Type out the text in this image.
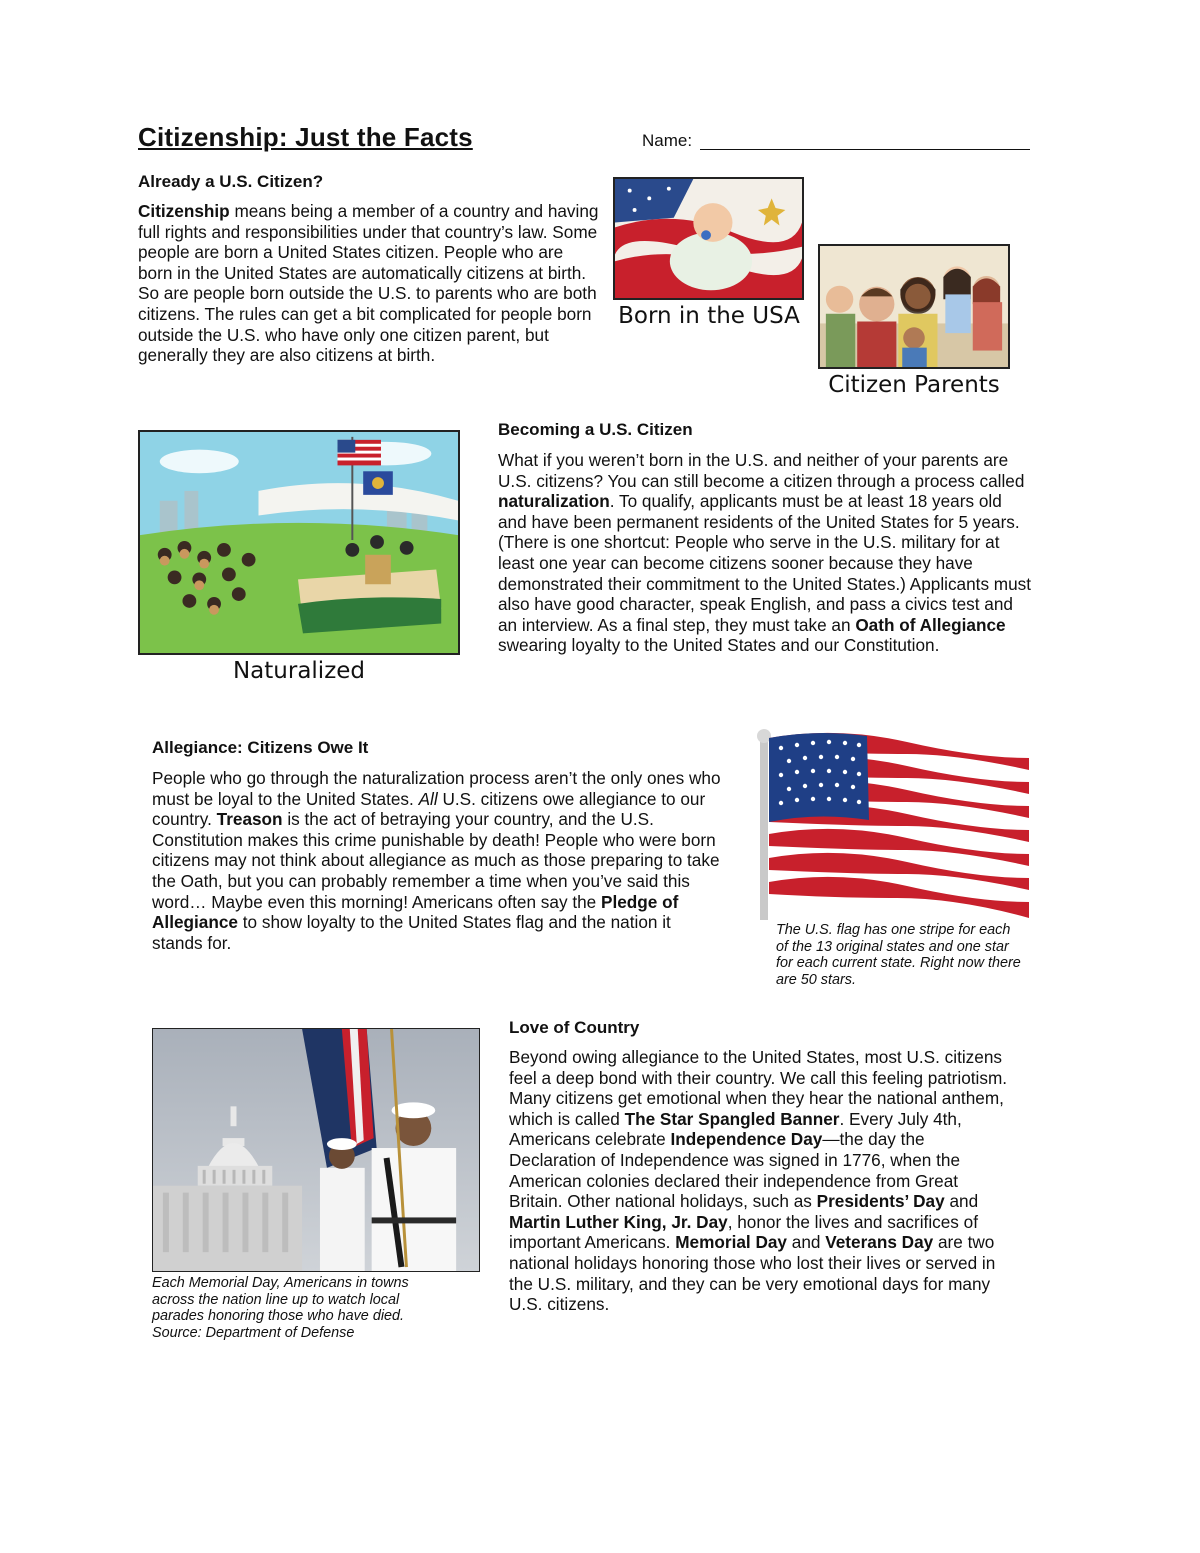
Citizenship: Just the Facts	Name:
Already a U.S. Citizen?

Citizenship means being a member of a country and having full rights and responsibilities under that country’s law. Some people are born a United States citizen. People who are born in the United States are automatically citizens at birth. So are people born outside the U.S. to parents who are both citizens. The rules can get a bit complicated for people born outside the U.S. who have only one citizen parent, but generally they are also citizens at birth.

Born in the USA
Citizen Parents
Naturalized
Becoming a U.S. Citizen

What if you weren’t born in the U.S. and neither of your parents are U.S. citizens? You can still become a citizen through a process called naturalization. To qualify, applicants must be at least 18 years old and have been permanent residents of the United States for 5 years. (There is one shortcut: People who serve in the U.S. military for at least one year can become citizens sooner because they have demonstrated their commitment to the United States.) Applicants must also have good character, speak English, and pass a civics test and an interview. As a final step, they must take an Oath of Allegiance swearing loyalty to the United States and our Constitution.

Allegiance: Citizens Owe It

People who go through the naturalization process aren’t the only ones who must be loyal to the United States. All U.S. citizens owe allegiance to our country. Treason is the act of betraying your country, and the U.S. Constitution makes this crime punishable by death! People who were born citizens may not think about allegiance as much as those preparing to take the Oath, but you can probably remember a time when you’ve said this word… Maybe even this morning! Americans often say the Pledge of Allegiance to show loyalty to the United States flag and the nation it stands for.

The U.S. flag has one stripe for each of the 13 original states and one star for each current state. Right now there are 50 stars.

Each Memorial Day, Americans in towns across the nation line up to watch local parades honoring those who have died. Source: Department of Defense

Love of Country

Beyond owing allegiance to the United States, most U.S. citizens feel a deep bond with their country. We call this feeling patriotism. Many citizens get emotional when they hear the national anthem, which is called The Star Spangled Banner. Every July 4th, Americans celebrate Independence Day—the day the Declaration of Independence was signed in 1776, when the American colonies declared their independence from Great Britain. Other national holidays, such as Presidents’ Day and Martin Luther King, Jr. Day, honor the lives and sacrifices of important Americans. Memorial Day and Veterans Day are two national holidays honoring those who lost their lives or served in the U.S. military, and they can be very emotional days for many U.S. citizens.
